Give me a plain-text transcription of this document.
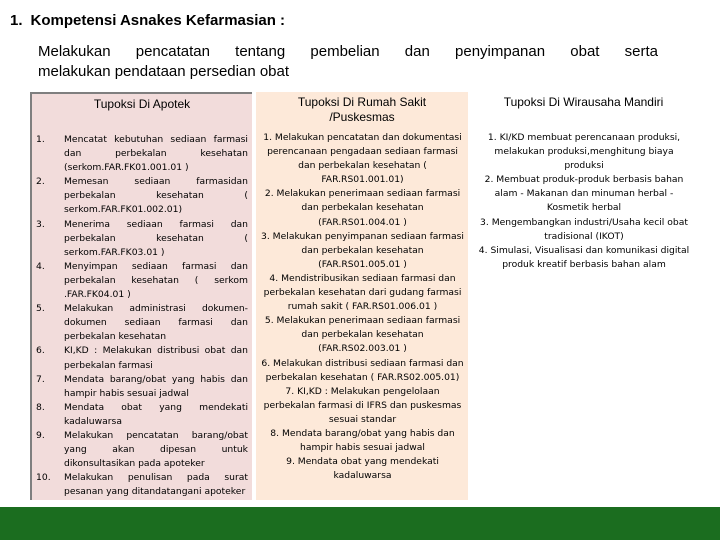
1. Kompetensi Asnakes Kefarmasian :
Melakukan pencatatan tentang pembelian dan penyimpanan obat serta
melakukan pendataan persedian obat
Tupoksi Di Apotek
1.	Mencatat kebutuhan sediaan farmasi dan perbekalan kesehatan (serkom.FAR.FK01.001.01 )
2.	Memesan sediaan farmasidan perbekalan kesehatan ( serkom.FAR.FK01.002.01)
3.	Menerima sediaan farmasi dan perbekalan kesehatan ( serkom.FAR.FK03.01 )
4.	Menyimpan sediaan farmasi dan perbekalan kesehatan ( serkom .FAR.FK04.01 )
5.	Melakukan administrasi dokumen-dokumen sediaan farmasi dan perbekalan kesehatan
6.	KI,KD : Melakukan distribusi obat dan perbekalan farmasi
7.	Mendata barang/obat yang habis dan hampir habis sesuai jadwal
8.	Mendata obat yang mendekati kadaluwarsa
9.	Melakukan pencatatan barang/obat yang akan dipesan untuk dikonsultasikan pada apoteker
10.	Melakukan penulisan pada surat pesanan yang ditandatangani apoteker
Tupoksi Di Rumah Sakit
/Puskesmas
1. Melakukan pencatatan dan dokumentasi perencanaan pengadaan sediaan farmasi dan perbekalan kesehatan ( FAR.RS01.001.01)
2. Melakukan penerimaan sediaan farmasi dan perbekalan kesehatan (FAR.RS01.004.01 )
3. Melakukan penyimpanan sediaan farmasi dan perbekalan kesehatan (FAR.RS01.005.01 )
4. Mendistribusikan sediaan farmasi dan perbekalan kesehatan dari gudang farmasi rumah sakit ( FAR.RS01.006.01 )
5. Melakukan penerimaan sediaan farmasi dan perbekalan kesehatan (FAR.RS02.003.01 )
6. Melakukan distribusi sediaan farmasi dan perbekalan kesehatan ( FAR.RS02.005.01)
7. KI,KD : Melakukan pengelolaan perbekalan farmasi di IFRS dan puskesmas sesuai standar
8. Mendata barang/obat yang habis dan hampir habis sesuai jadwal
9. Mendata obat yang mendekati kadaluwarsa
Tupoksi Di Wirausaha Mandiri
1. KI/KD membuat perencanaan produksi, melakukan produksi,menghitung biaya produksi
2. Membuat produk-produk berbasis bahan alam - Makanan dan minuman herbal - Kosmetik herbal
3. Mengembangkan industri/Usaha kecil obat tradisional (IKOT)
4. Simulasi, Visualisasi dan komunikasi digital produk kreatif berbasis bahan alam
